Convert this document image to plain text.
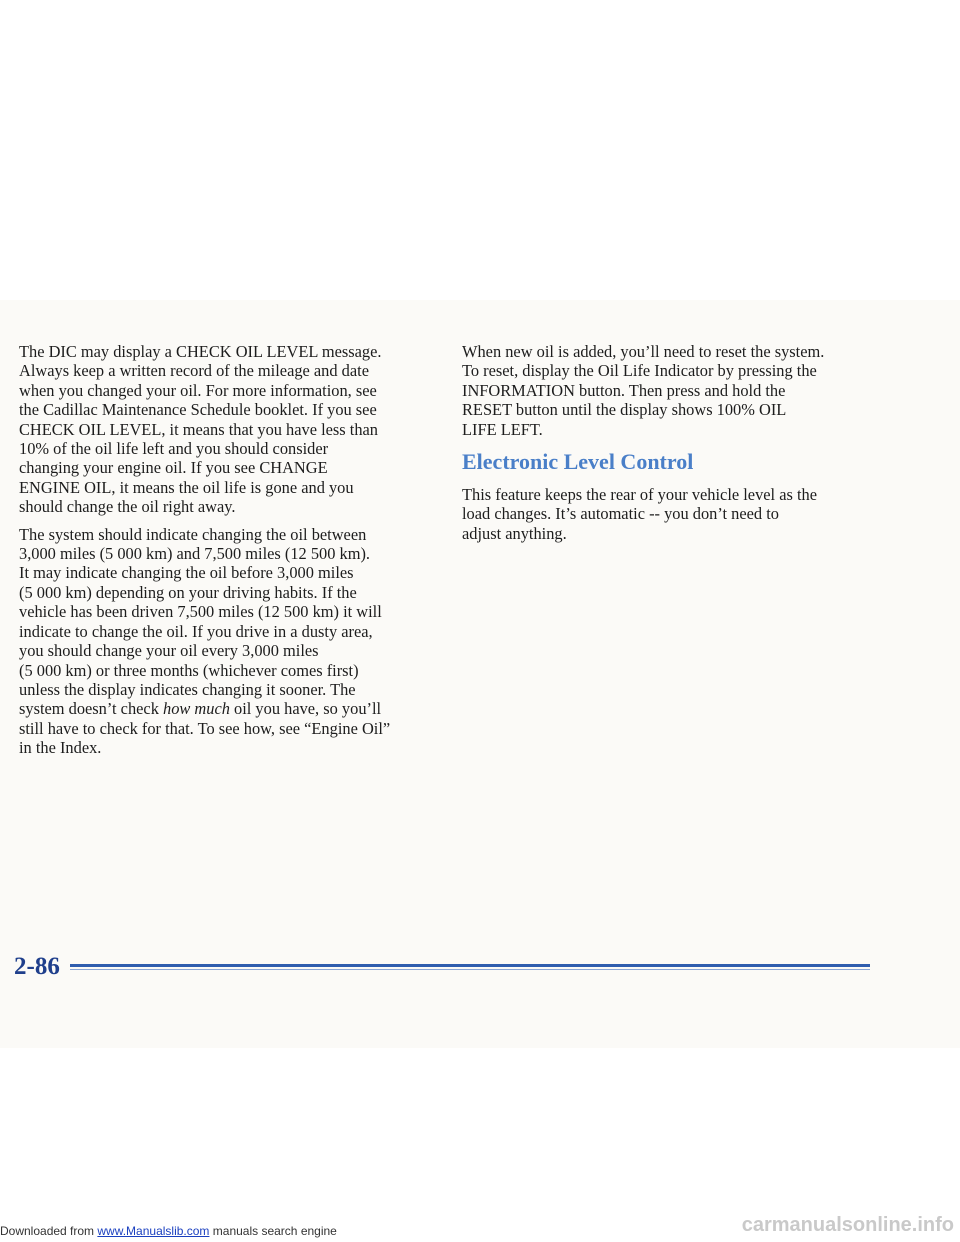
The DIC may display a CHECK OIL LEVEL message.
Always keep a written record of the mileage and date
when you changed your oil. For more information, see
the Cadillac Maintenance Schedule booklet. If you see
CHECK OIL LEVEL, it means that you have less than
10% of the oil life left and you should consider
changing your engine oil. If you see CHANGE
ENGINE OIL, it means the oil life is gone and you
should change the oil right away.

The system should indicate changing the oil between
3,000 miles (5 000 km) and 7,500 miles (12 500 km).
It may indicate changing the oil before 3,000 miles
(5 000 km) depending on your driving habits. If the
vehicle has been driven 7,500 miles (12 500 km) it will
indicate to change the oil. If you drive in a dusty area,
you should change your oil every 3,000 miles
(5 000 km) or three months (whichever comes first)
unless the display indicates changing it sooner. The
system doesn’t check how much oil you have, so you’ll
still have to check for that. To see how, see “Engine Oil”
in the Index.

When new oil is added, you’ll need to reset the system.
To reset, display the Oil Life Indicator by pressing the
INFORMATION button. Then press and hold the
RESET button until the display shows 100% OIL
LIFE LEFT.

Electronic Level Control

This feature keeps the rear of your vehicle level as the
load changes. It’s automatic -- you don’t need to
adjust anything.

2-86
Downloaded from www.Manualslib.com manuals search engine	carmanualsonline.info
